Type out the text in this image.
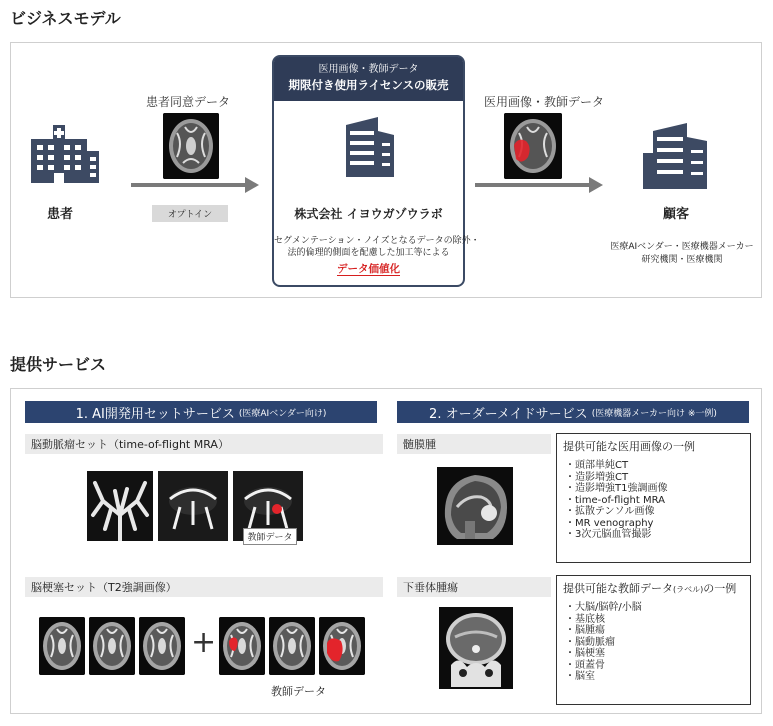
ビジネスモデル
患者
患者同意データ
オプトイン
医用画像・教師データ
期限付き使用ライセンスの販売
株式会社 イヨウガゾウラボ
セグメンテーション・ノイズとなるデータの除外・
法的倫理的側面を配慮した加工等による
データ価値化
医用画像・教師データ
顧客
医療AIベンダー・医療機器メーカー
研究機関・医療機関
提供サービス
1. AI開発用セットサービス (医療AIベンダー向け)
脳動脈瘤セット（time-of-flight MRA）
教師データ
脳梗塞セット（T2強調画像）
+
教師データ
2. オーダーメイドサービス (医療機器メーカー向け ※一例)
髄膜腫
下垂体腫瘍
提供可能な医用画像の一例
・ 頭部単純CT
・ 造影増強CT
・ 造影増強T1強調画像
・ time-of-flight MRA
・ 拡散テンソル画像
・ MR venography
・ 3次元脳血管撮影
提供可能な教師データ(ラベル)の一例
・ 大脳/脳幹/小脳
・ 基底核
・ 脳腫瘍
・ 脳動脈瘤
・ 脳梗塞
・ 頭蓋骨
・ 脳室
